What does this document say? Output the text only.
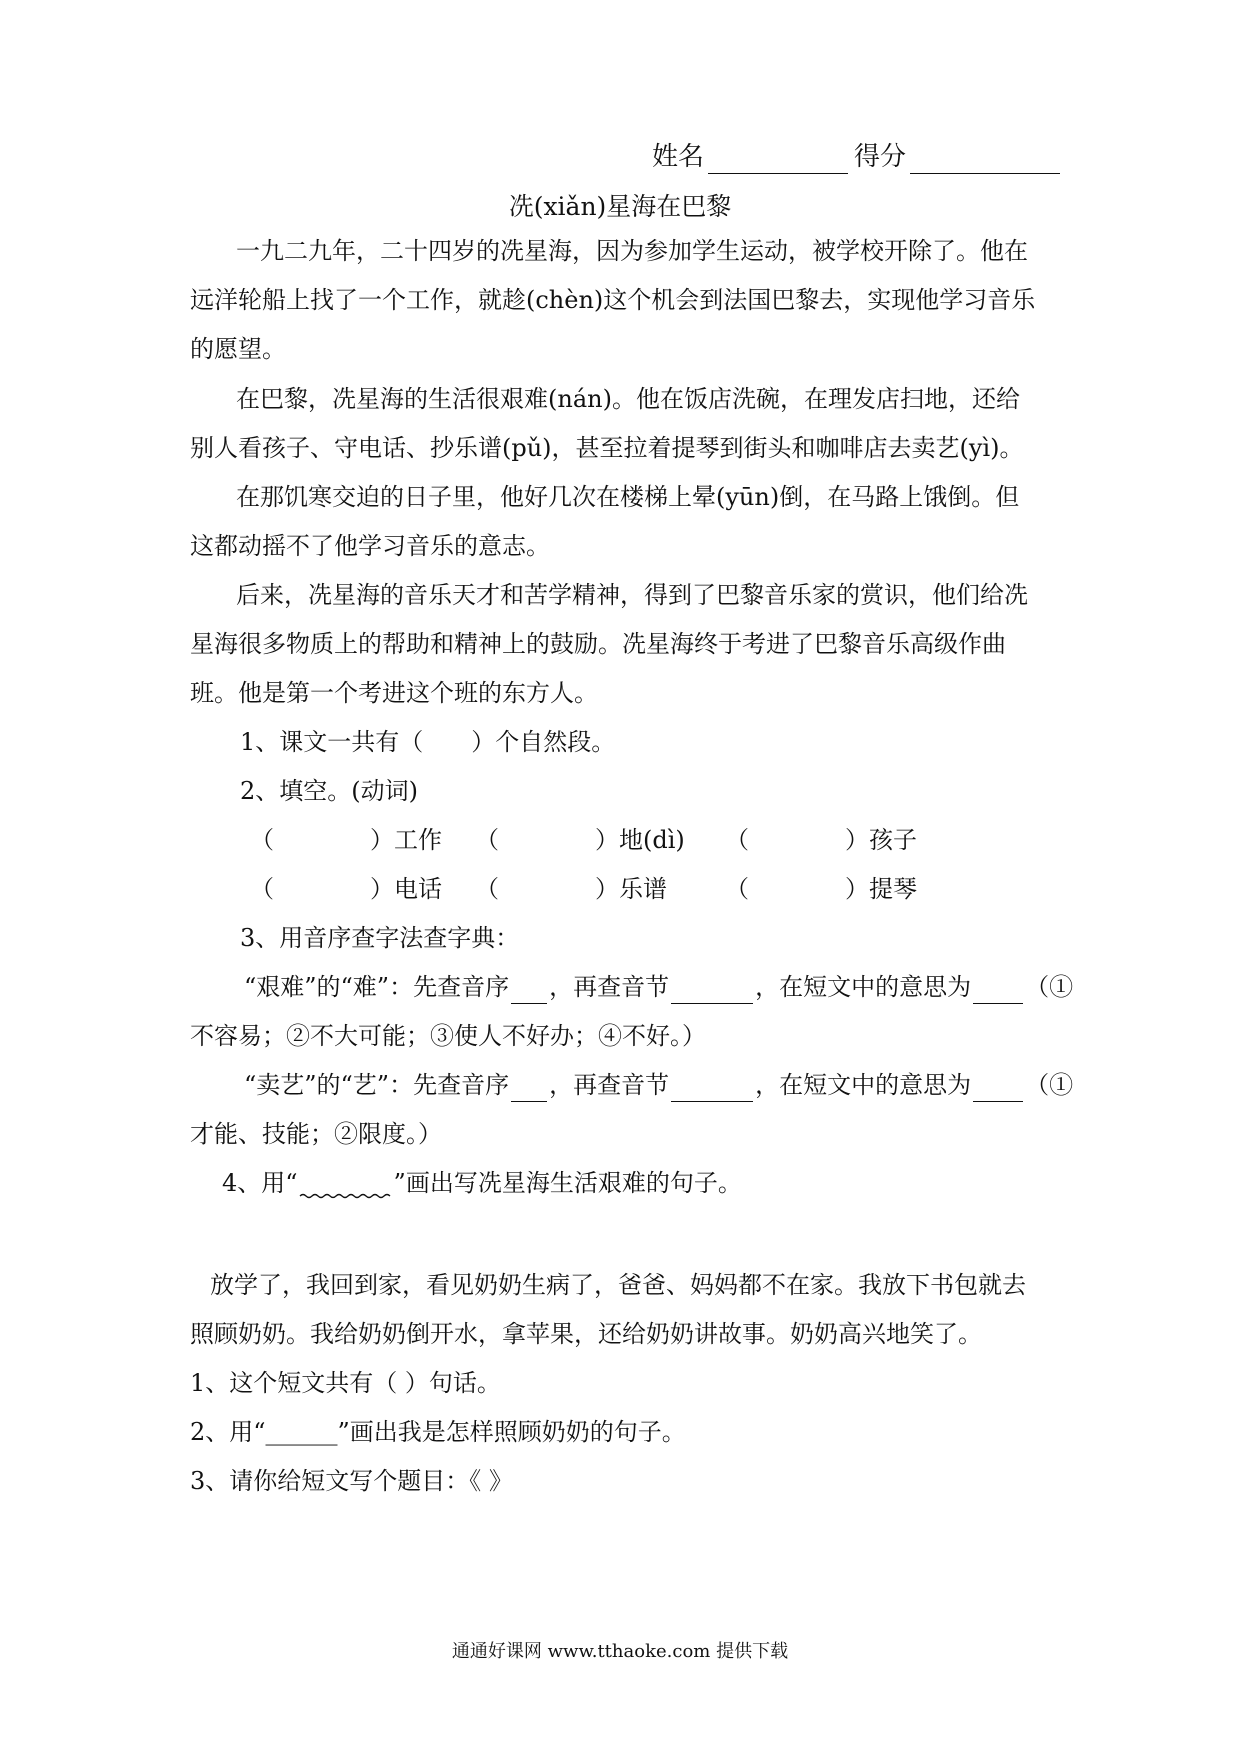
姓名	得分
冼(xiǎn)星海在巴黎
一九二九年，二十四岁的冼星海，因为参加学生运动，被学校开除了。他在
远洋轮船上找了一个工作，就趁(chèn)这个机会到法国巴黎去，实现他学习音乐
的愿望。
在巴黎，冼星海的生活很艰难(nán)。他在饭店洗碗，在理发店扫地，还给
别人看孩子、守电话、抄乐谱(pǔ)，甚至拉着提琴到街头和咖啡店去卖艺(yì)。
在那饥寒交迫的日子里，他好几次在楼梯上晕(yūn)倒，在马路上饿倒。但
这都动摇不了他学习音乐的意志。
后来，冼星海的音乐天才和苦学精神，得到了巴黎音乐家的赏识，他们给冼
星海很多物质上的帮助和精神上的鼓励。冼星海终于考进了巴黎音乐高级作曲
班。他是第一个考进这个班的东方人。
1、课文一共有（　　）个自然段。
2、填空。(动词)
（　　　　）工作 （　　　　）地(dì) （　　　　）孩子
（　　　　）电话 （　　　　）乐谱 （　　　　）提琴
3、用音序查字法查字典：
“艰难”的“难”：先查音序 ，再查音节	，在短文中的意思为 （①
不容易；②不大可能；③使人不好办；④不好。）
“卖艺”的“艺”：先查音序 ，再查音节	，在短文中的意思为 （①
才能、技能；②限度。）
4、用“	”画出写冼星海生活艰难的句子。
放学了，我回到家，看见奶奶生病了，爸爸、妈妈都不在家。我放下书包就去
照顾奶奶。我给奶奶倒开水，拿苹果，还给奶奶讲故事。奶奶高兴地笑了。
1、这个短文共有（ ）句话。
2、用“______”画出我是怎样照顾奶奶的句子。
3、请你给短文写个题目：《 》
通通好课网 www.tthaoke.com 提供下载
